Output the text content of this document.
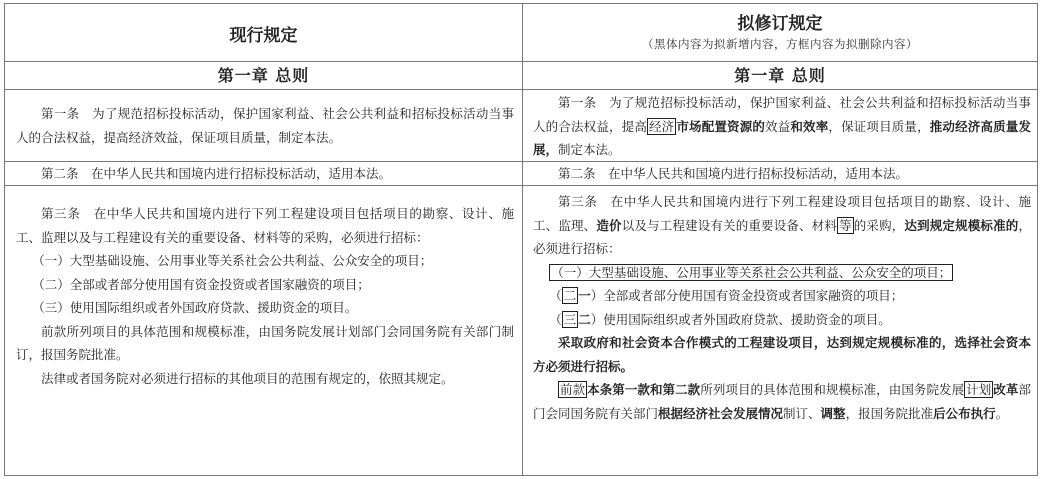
现行规定
拟修订规定
（黑体内容为拟新增内容，方框内容为拟删除内容）
第一章 总则	第一章 总则

第一条　为了规范招标投标活动，保护国家利益、社会公共利益和招标投标活动当事人的合法权益，提高经济效益，保证项目质量，制定本法。

第二条　在中华人民共和国境内进行招标投标活动，适用本法。

第三条　在中华人民共和国境内进行下列工程建设项目包括项目的勘察、设计、施工、监理以及与工程建设有关的重要设备、材料等的采购，必须进行招标：

（一）大型基础设施、公用事业等关系社会公共利益、公众安全的项目；

（二）全部或者部分使用国有资金投资或者国家融资的项目；

（三）使用国际组织或者外国政府贷款、援助资金的项目。

前款所列项目的具体范围和规模标准，由国务院发展计划部门会同国务院有关部门制订，报国务院批准。

法律或者国务院对必须进行招标的其他项目的范围有规定的，依照其规定。

第一条　为了规范招标投标活动，保护国家利益、社会公共利益和招标投标活动当事人的合法权益，提高 经济 市场配置资源的效益和效率，保证项目质量，推动经济高质量发展，制定本法。

第二条　在中华人民共和国境内进行招标投标活动，适用本法。

第三条　在中华人民共和国境内进行下列工程建设项目包括项目的勘察、设计、施工、监理、造价以及与工程建设有关的重要设备、材料 等 的采购，达到规定规模标准的，必须进行招标：

（一）大型基础设施、公用事业等关系社会公共利益、公众安全的项目；

（ 二 一）全部或者部分使用国有资金投资或者国家融资的项目；

（ 三 二）使用国际组织或者外国政府贷款、援助资金的项目。

采取政府和社会资本合作模式的工程建设项目，达到规定规模标准的，选择社会资本方必须进行招标。

前款 本条第一款和第二款所列项目的具体范围和规模标准，由国务院发展 计划 改革部门会同国务院有关部门根据经济社会发展情况制订、调整，报国务院批准后公布执行。
